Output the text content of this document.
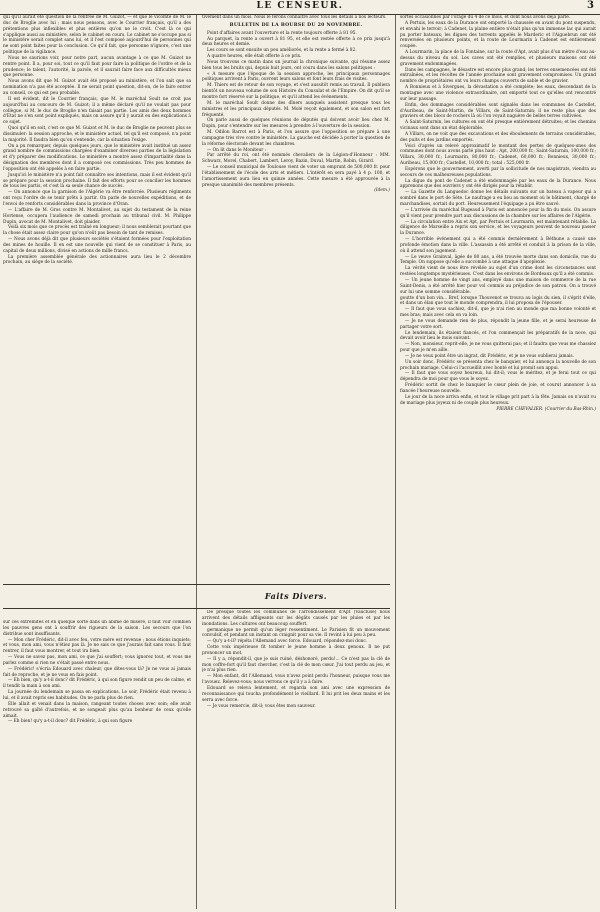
LE CENSEUR.	3

qui qu'il aurait été question de la rentrée de M. Guizot, — et que le vicomte de M. le duc de Broglie avec lui ; mais nous pensons, avec le Courrier français, qu'il a des prétentions plus inflexibles et plus entières qu'on ne le croit. C'est là ce qui s'applique aussi au ministère, selon le cabinet en cours. Le cabinet ne s'occupe pas si le ministère serait complet sans lui, et il l'est composé aujourd'hui de personnes qui ne sont point faites pour la conclusion. Ce qu'il fait, que personne n'ignore, c'est une politique de la vigilance.

Nous ne saurions voir, pour notre part, aucun avantage à ce que M. Guizot ne rentre point. Il a, pour soi, tout ce qu'il faut pour faire la politique de l'ordre et de la prudence; le talent, l'autorité, la parole, et il saurait faire face aux difficultés mieux que personne.

Nous avons dit que M. Guizot avait été proposé au ministère, et l'on sait que sa nomination n'a pas été acceptée. Il ne serait point question, dit-on, de le faire entrer au conseil, ce qui est peu probable.

Il est évident, dit le Courrier français, que M. le maréchal Soult ne croit pas aujourd'hui au concours de M. Guizot; il a même déclaré qu'il ne voulait pas pour collègue, si M. le duc de Broglie n'en faisait pas partie. Les amis des deux hommes d'Etat ne s'en sont point expliqués, mais on assure qu'il y aurait eu des explications à ce sujet.

Quoi qu'il en soit, c'est ce que M. Guizot et M. le duc de Broglie ne peuvent plus se dissimuler: la session approche, et le ministère actuel, tel qu'il est composé, n'a point la majorité. Il faudra bien qu'on s'entende, car la situation l'exige.

On a pu remarquer, depuis quelques jours, que le ministère avait institué un assez grand nombre de commissions chargées d'examiner diverses parties de la législation et d'y préparer des modifications. Le ministère a montré assez d'impartialité dans la désignation des membres dont il a composé ces commissions. Très peu hommes de l'opposition ont été appelés à en faire partie.

Jusqu'ici le ministère n'a point fait connaître ses intentions, mais il est évident qu'il se prépare pour la session prochaine. Il fait des efforts pour se concilier les hommes de tous les partis, et c'est là sa seule chance de succès.

— On annonce que la garnison de l'Algérie va être renforcée. Plusieurs régiments ont reçu l'ordre de se tenir prêts à partir. On parle de nouvelles expéditions, et de l'envoi de renforts considérables dans la province d'Oran.

— L'affaire de M. Gros contre M. Montalivet, au sujet du testament de la reine Hortense, occupera l'audience de samedi prochain au tribunal civil. M. Philippe Dupin, avocat de M. Montalivet, doit plaider.

Voilà six mois que ce procès est traîné en longueur; il nous semblerait pourtant que la chose était assez claire pour qu'on n'eût pas besoin de tant de remises.

— Nous avons déjà dit que plusieurs sociétés s'étaient formées pour l'exploitation des mines de houille. Il en est une nouvelle qui vient de se constituer à Paris, au capital de deux millions, divisé en actions de mille francs.

La première assemblée générale des actionnaires aura lieu le 2 décembre prochain, au siège de la société.

tivement dans un mois. Nous le ferons connaître avec tous les détails à nos lecteurs.

BULLETIN DE LA BOURSE DU 20 NOVEMBRE.

Point d'affaires avant l'ouverture et la rente toujours offerte à 81 95.

Au parquet, la rente a ouvert à 81 95, et elle est restée offerte à ce prix jusqu'à deux heures et demie.

Les cours se sont ensuite un peu améliorés, et la rente a fermé à 82.

A quatre heures, elle était offerte à ce prix.

Nous trouvons ce matin dans un journal la chronique suivante, qui résume assez bien tous les bruits qui, depuis huit jours, ont couru dans les salons politiques :

« A mesure que l'époque de la session approche, les principaux personnages politiques arrivent à Paris, ouvrent leurs salons et font leurs frais de visites.

M. Thiers est de retour de son voyage, et s'est aussitôt remis au travail. Il publiera bientôt un nouveau volume de son Histoire du Consulat et de l'Empire. On dit qu'il se montre fort réservé sur la politique, et qu'il attend les événements.

M. le maréchal Soult donne des dîners auxquels assistent presque tous les ministres et les principaux députés. M. Molé reçoit également, et son salon est fort fréquenté.

On parle aussi de quelques réunions de députés qui doivent avoir lieu chez M. Dupin, pour s'entendre sur les mesures à prendre à l'ouverture de la session.

M. Odilon Barrot est à Paris, et l'on assure que l'opposition se prépare à une campagne très vive contre le ministère. La gauche est décidée à porter la question de la réforme électorale devant les chambres.

— On lit dans le Moniteur :

Par arrêté du roi, ont été nommés chevaliers de la Légion-d'Honneur : MM. Schwarz, Morel, Chabert, Lambert, Leroy, Bazin, Duval, Martin, Robin, Girard.

— Le conseil municipal de Toulouse vient de voter un emprunt de 500,000 fr. pour l'établissement de l'école des arts et métiers. L'intérêt en sera payé à 4 p. 100, et l'amortissement aura lieu en quinze années. Cette mesure a été approuvée à la presque unanimité des membres présents.

(Idem.)

Faits Divers.

sur ces extrémités et en quelque sorte dans un abîme de misère, il faut voir combien les pauvres gens ont à souffrir des rigueurs de la saison. Les secours que l'on distribue sont insuffisants.

— Mon cher Frédéric, dit-il avec feu, votre mère est revenue ; nous étions inquiets; et vous, mon ami, vous n'étiez pas là. Je ne sais ce que j'aurais fait sans vous. Il faut rentrer, il faut vous montrer, et tout ira bien.

— Vous ne savez pas, mon ami, ce que j'ai souffert; vous ignorez tout, et vous me parlez comme si rien ne s'était passé entre nous.

— Frédéric! s'écria Edouard avec chaleur, que dites-vous là? Je ne vous ai jamais fait de reproche, et je ne vous en fais point.

— Eh bien, qu'y a-t-il donc? dit Frédéric, à qui son figure rendit un peu de calme, et il tendit la main à son ami.

La journée du lendemain se passa en explications. Le soir, Frédéric était revenu à lui, et il avait repris ses habitudes. On ne parla plus de rien.

Elle allait et venait dans la maison, rangeant toutes choses avec soin; elle avait retrouvé sa gaîté d'autrefois, et ne songeait plus qu'au bonheur de ceux qu'elle aimait.

— Eh bien! qu'y a-t-il donc? dit Frédéric, à qui son figure

De presque toutes les communes de l'arrondissement d'Apt (Vaucluse) nous arrivent des détails affligeants sur les dégâts causés par les pluies et par les inondations. Les cultures ont beaucoup souffert.

germanique ne permit qu'un léger ressentiment. Le Parisien fit un mouvement convulsif, et pendant un instant on craignit pour sa vie. Il revint à lui peu à peu.

— Qu'y a-t-il? répéta l'Allemand avec force. Edouard, répondez-moi donc.

Cette voix impérieuse fit tomber le jeune homme à deux genoux. Il ne put prononcer un mot.

— Il y a, répondit-il, que je suis ruiné, déshonoré, perdu!... Ce n'est pas la clé de mon coffre-fort qu'il faut chercher, c'est la clé de mon cœur. J'ai tout perdu au jeu, et je n'ai plus rien.

— Mon enfant, dit l'Allemand, vous n'avez point perdu l'honneur, puisque vous me l'avouez. Relevez-vous; nous verrons ce qu'il y a à faire.

Edouard se releva lentement, et regarda son ami avec une expression de reconnaissance qui toucha profondément le vieillard. Il lui prit les deux mains et les serra avec force.

— Je vous remercie, dit-il; vous êtes mon sauveur.

sortes occasionnés par l'orage du 4 de ce mois, et dont nous avons déjà parlé.

A Pertuis, les eaux de la Durance ont emporté la chaussée en avant du pont suspendu, et envahi le terroir; à Cadenet, la plaine entière n'était plus qu'un immense lac qui aurait pu porter bateaux; les digues des torrents appelés le Marderic et l'Aiguebrun ont été renversées en plusieurs points, et la route de Lourmarin à Cadenet est entièrement coupée.

A Lourmarin, la place de la Fontaine, sur la route d'Apt, avait plus d'un mètre d'eau au-dessus du niveau du sol. Les caves ont été remplies, et plusieurs maisons ont été gravement endommagées.

Dans les campagnes, le désastre est encore plus grand; les terres ensemencées ont été entraînées, et les récoltes de l'année prochaine sont gravement compromises. Un grand nombre de propriétaires ont vu leurs champs couverts de sable et de gravier.

A Bonnieux et à Sivergues, la dévastation a été complète; les eaux, descendant de la montagne avec une violence extraordinaire, ont emporté tout ce qu'elles ont rencontré sur leur passage.

Enfin, des dommages considérables sont signalés dans les communes de Castellet, d'Auribeau, de Saint-Martin, de Villars, de Saint-Saturnin; il ne reste plus que des graviers et des blocs de rochers là où l'on voyait naguère de belles terres cultivées.

A Saint-Saturnin, les cultures en ont été presque entièrement détruites; et les chemins vicinaux sont dans un état déplorable.

A Villars, on ne voit que des excavations et des éboulements de terrains considérables, des puits et des jardins emportés.

Voici d'après un relevé approximatif le montant des pertes de quelques-unes des communes dont nous avons parlé plus haut : Apt, 200,000 fr.; Saint-Saturnin, 100,000 fr.; Villars, 30,000 fr.; Lourmarin, 80,000 fr.; Cadenet, 60,000 fr.; Bonnieux, 30,000 fr.; Auribeau, 15,000 fr.; Castellet, 10,000 fr.; total : 525,000 fr.

Espérons que le gouvernement, averti par la sollicitude de nos magistrats, viendra au secours de ces malheureuses populations.

La digue du pont de Cadenet a été endommagée par les eaux de la Durance. Nous apprenons que des ouvriers y ont été dirigés pour la rétablir.

— La Gazette du Languedoc donne les détails suivants sur un bateau à vapeur qui a sombré dans le port de Sète. Le naufrage a eu lieu au moment où le bâtiment, chargé de marchandises, sortait du port. Heureusement l'équipage a pu être sauvé.

— L'arrivée du maréchal Bugeaud à Paris est annoncée pour la fin du mois. On assure qu'il vient pour prendre part aux discussions de la chambre sur les affaires de l'Algérie.

— La circulation entre Aix et Apt, par Pertuis et Lourmarin, est maintenant rétablie. La diligence de Marseille a repris son service, et les voyageurs peuvent de nouveau passer la Durance.

— L'horrible événement qui a été commis dernièrement à Béthune a causé une profonde émotion dans la ville. L'assassin a été arrêté et conduit à la prison de la ville, où il attend son jugement.

— Le veuve Grainval, âgée de 80 ans, a été trouvée morte dans son domicile, rue du Temple. On suppose qu'elle a succombé à une attaque d'apoplexie.

La vérité vient de nous être révélée au sujet d'un crime dont les circonstances sont restées longtemps mystérieuses. C'est dans les environs de Bordeaux qu'il a été commis.

— Un jeune homme de vingt ans, employé dans une maison de commerce de la rue Saint-Denis, a été arrêté hier pour vol commis au préjudice de son patron. On a trouvé sur lui une somme considérable.

goutte d'un bon vin... Bref, lorsque Thouvenot se trouva au logis du sien, il s'éprit d'elle, et dans un élan que tout le monde comprendra, il lui proposa de l'épouser.

— Il faut que vous sachiez, dit-il, que je n'ai rien au monde que ma bonne volonté et mes bras; mais avec cela on va loin.

— Je ne vous demande rien de plus, répondit la jeune fille, et je serai heureuse de partager votre sort.

Le lendemain, ils étaient fiancés, et l'on commençait les préparatifs de la noce, qui devait avoir lieu le mois suivant.

— Non, monsieur, reprit-elle, je ne vous quitterai pas; et il faudra que vous me chassiez pour que je m'en aille.

— Je ne veux point être un ingrat, dit Frédéric, et je ne vous oublierai jamais.

Un soir donc, Frédéric se présenta chez le banquier, et lui annonça la nouvelle de son prochain mariage. Celui-ci l'accueillit avec bonté et lui promit son appui.

— Il faut que vous soyez heureux, lui dit-il; vous le méritez, et je ferai tout ce qui dépendra de moi pour que vous le soyez.

Frédéric sortit de chez le banquier le cœur plein de joie, et courut annoncer à sa fiancée l'heureuse nouvelle.

Le jour de la noce arriva enfin, et tout le village prit part à la fête. Jamais on n'avait vu de mariage plus joyeux ni de couple plus heureux.

PIERRE CHEVALIER. (Courrier du Bas-Rhin.)
